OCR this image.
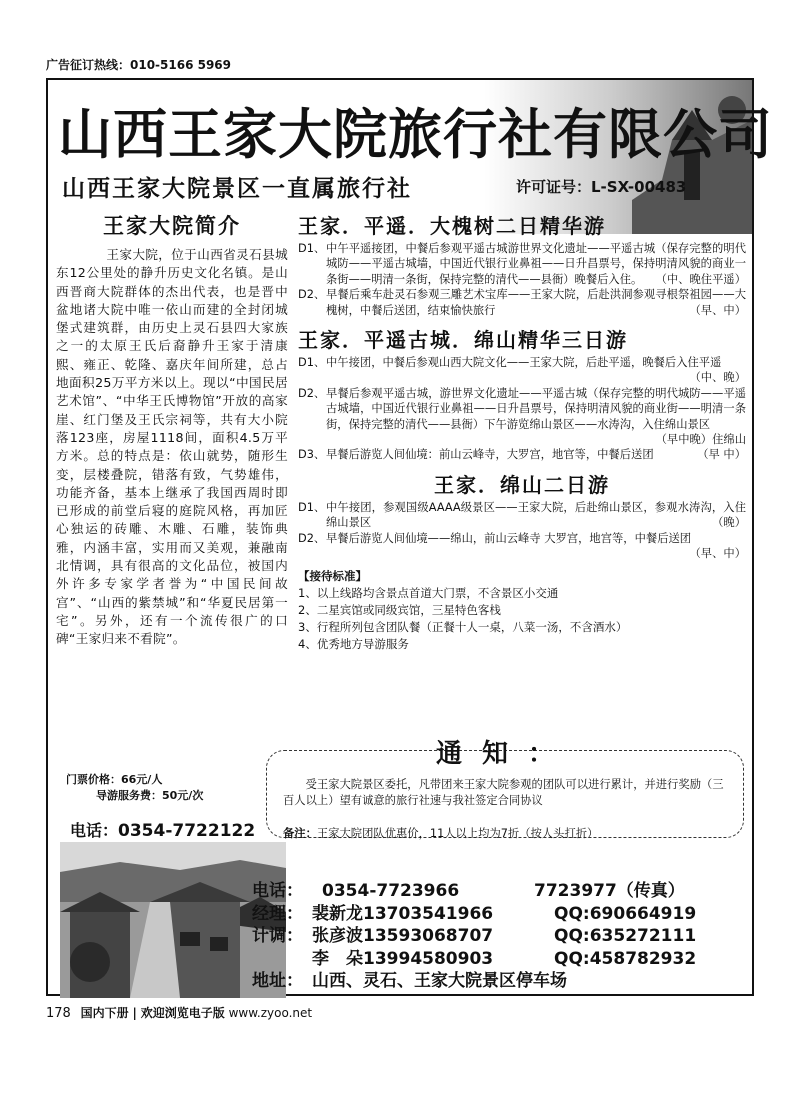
广告征订热线：010-5166 5969
山西王家大院旅行社有限公司
山西王家大院景区一直属旅行社	许可证号：L-SX-00483
王家大院简介
王家大院，位于山西省灵石县城东12公里处的静升历史文化名镇。是山西晋商大院群体的杰出代表，也是晋中盆地诸大院中唯一依山而建的全封闭城堡式建筑群，由历史上灵石县四大家族之一的太原王氏后裔静升王家于清康熙、雍正、乾隆、嘉庆年间所建，总占地面积25万平方米以上。现以“中国民居艺术馆”、“中华王氏博物馆”开放的高家崖、红门堡及王氏宗祠等，共有大小院落123座，房屋1118间，面积4.5万平方米。总的特点是：依山就势，随形生变，层楼叠院，错落有致，气势雄伟，功能齐备，基本上继承了我国西周时即已形成的前堂后寝的庭院风格，再加匠心独运的砖雕、木雕、石雕，装饰典雅，内涵丰富，实用而又美观，兼融南北情调，具有很高的文化品位，被国内外许多专家学者誉为“中国民间故宫”、“山西的紫禁城”和“华夏民居第一宅”。另外，还有一个流传很广的口碑“王家归来不看院”。
门票价格：66元/人
导游服务费：50元/次
电话：0354-7722122
王家．平遥．大槐树二日精华游
D1、 中午平遥接团，中餐后参观平遥古城游世界文化遗址——平遥古城（保存完整的明代城防——平遥古城墙，中国近代银行业鼻祖——日升昌票号，保持明清风貌的商业一条街——明清一条街，保持完整的清代——县衙）晚餐后入住。 （中、晚住平遥）
D2、 早餐后乘车赴灵石参观三雕艺术宝库——王家大院，后赴洪洞参观寻根祭祖园——大槐树，中餐后送团，结束愉快旅行	（早、中）
王家．平遥古城．绵山精华三日游
D1、 中午接团，中餐后参观山西大院文化——王家大院，后赴平遥，晚餐后入住平遥
（中、晚）
D2、 早餐后参观平遥古城，游世界文化遗址——平遥古城（保存完整的明代城防——平遥古城墙，中国近代银行业鼻祖——日升昌票号，保持明清风貌的商业街——明清一条街，保持完整的清代——县衙）下午游览绵山景区——水涛沟，入住绵山景区
（早中晚）住绵山
D3、 早餐后游览人间仙境：前山云峰寺，大罗宫，地官等，中餐后送团	（早 中）
王家．绵山二日游
D1、 中午接团，参观国级AAAA级景区——王家大院，后赴绵山景区，参观水涛沟，入住绵山景区	（晚）
D2、 早餐后游览人间仙境——绵山，前山云峰寺 大罗宫，地宫等，中餐后送团
（早、中）
【接待标准】
1、以上线路均含景点首道大门票，不含景区小交通
2、二星宾馆或同级宾馆，三星特色客栈
3、行程所列包含团队餐（正餐十人一桌，八菜一汤，不含酒水）
4、优秀地方导游服务
通知：
受王家大院景区委托，凡带团来王家大院参观的团队可以进行累计，并进行奖励（三百人以上）望有诚意的旅行社速与我社签定合同协议
备注：王家大院团队优惠价，11人以上均为7折（按人头打折）
电话： 0354-7723966	7723977（传真）
经理： 裴新龙13703541966	QQ:690664919
计调： 张彦波13593068707	QQ:635272111
李　朵13994580903	QQ:458782932
地址： 山西、灵石、王家大院景区停车场
178 国内下册 | 欢迎浏览电子版 www.zyoo.net
